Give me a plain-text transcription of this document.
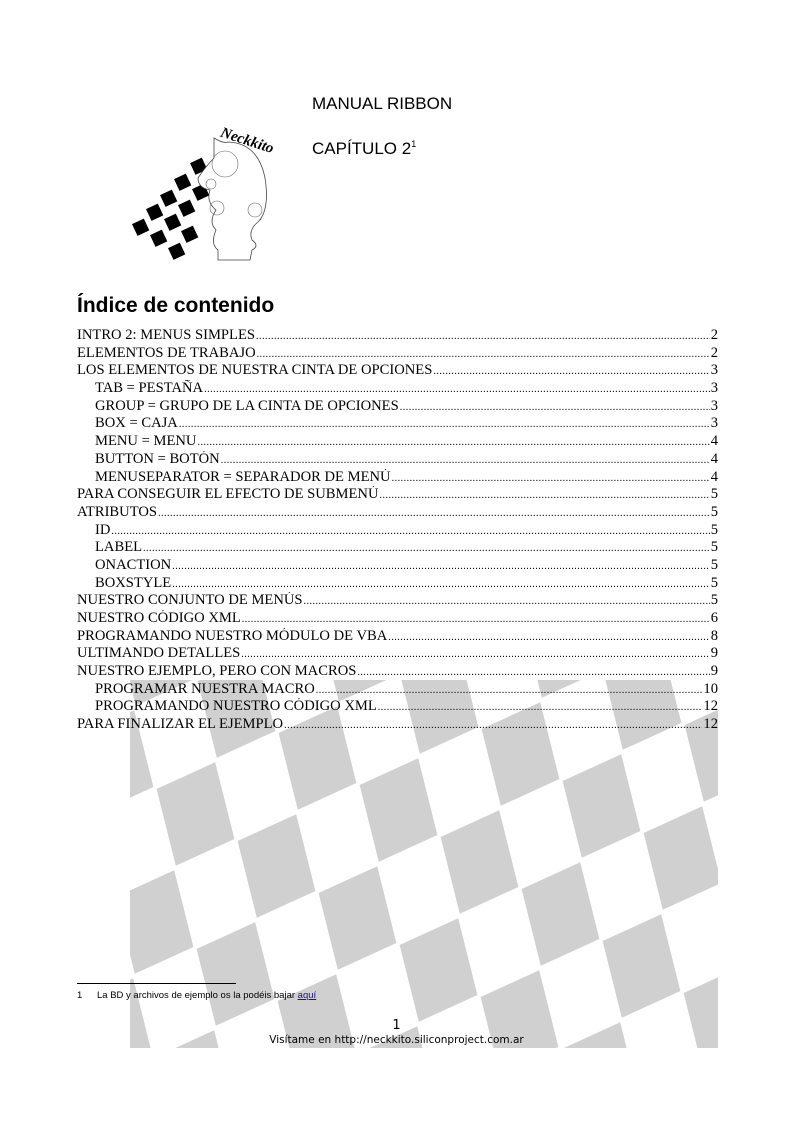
MANUAL RIBBON
CAPÍTULO $2^1$
Neckkito
Índice de contenido
INTRO 2: MENUS SIMPLES .....	2
ELEMENTOS DE TRABAJO .....	2
LOS ELEMENTOS DE NUESTRA CINTA DE OPCIONES .....	3
TAB = PESTAÑA .....	3
GROUP = GRUPO DE LA CINTA DE OPCIONES .....	3
BOX = CAJA .....	3
MENU = MENU .....	4
BUTTON = BOTÓN .....	4
MENUSEPARATOR = SEPARADOR DE MENÚ .....	4
PARA CONSEGUIR EL EFECTO DE SUBMENÚ .....	5
ATRIBUTOS .....	5
ID .....	5
LABEL .....	5
ONACTION .....	5
BOXSTYLE .....	5
NUESTRO CONJUNTO DE MENÚS .....	5
NUESTRO CÓDIGO XML .....	6
PROGRAMANDO NUESTRO MÓDULO DE VBA .....	8
ULTIMANDO DETALLES .....	9
NUESTRO EJEMPLO, PERO CON MACROS .....	9
PROGRAMAR NUESTRA MACRO .....	10
PROGRAMANDO NUESTRO CÓDIGO XML .....	12
PARA FINALIZAR EL EJEMPLO .....	12
1 La BD y archivos de ejemplo os la podéis bajar aquí
1
Visítame en http://neckkito.siliconproject.com.ar
